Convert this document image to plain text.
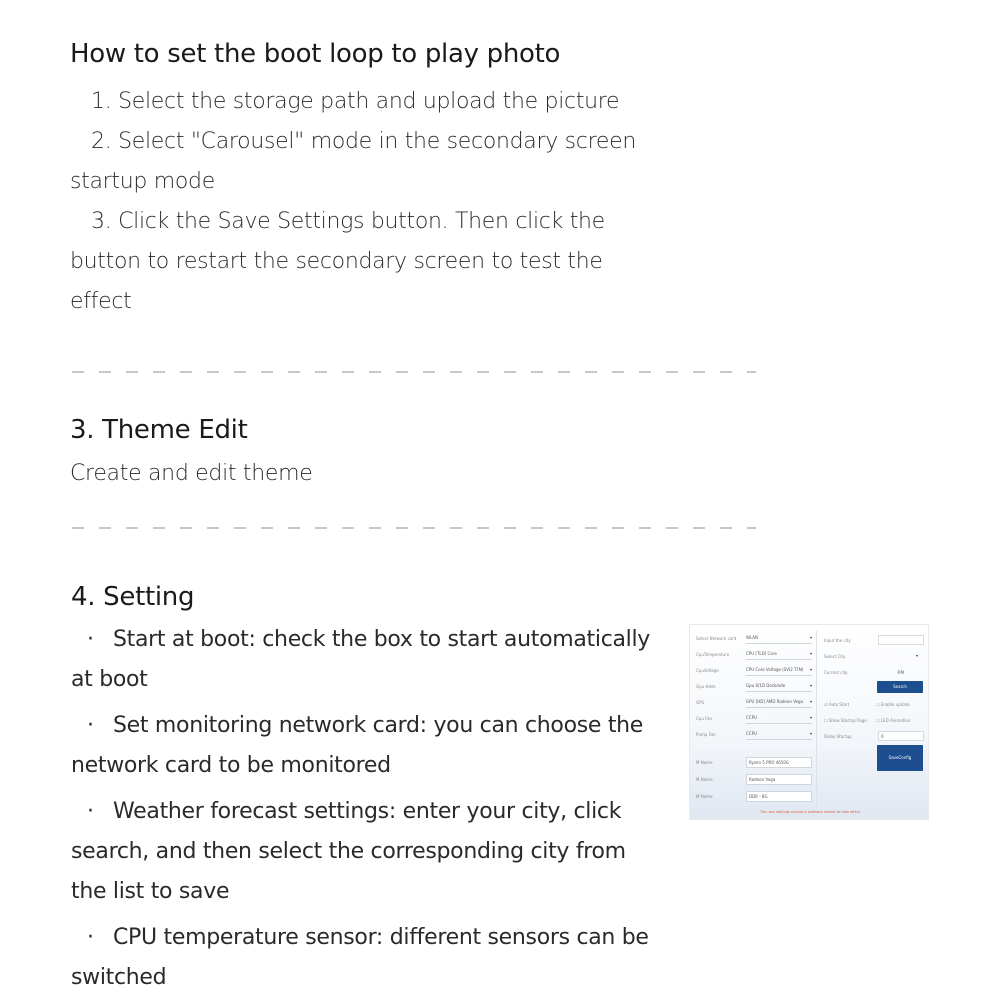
How to set the boot loop to play photo
1. Select the storage path and upload the picture
2. Select "Carousel" mode in the secondary screen
startup mode
3. Click the Save Settings button. Then click the
button to restart the secondary screen to test the
effect
3. Theme Edit
Create and edit theme
4. Setting
· Start at boot: check the box to start automatically
at boot
· Set monitoring network card: you can choose the
network card to be monitored
· Weather forecast settings: enter your city, click
search, and then select the corresponding city from
the list to save
· CPU temperature sensor: different sensors can be
switched
Select Network card	WLAN ▾
CpuTemperature	CPU [TLD] Core ▾
CpuVoltage	CPU Core Voltage (SVI2 TFN) ▾
Gpu Hdds	Gpu 0/1D Dock/ode ▾
GPU	GPU [HD] AMD Radeon Vega ▾
Cpu Fan	CCPU ▾
Pump Fan	CCPU ▾
M Name	Ryzen 5 PRO 4650G
M Name	Radeon Vega
M Name	DDR - 8G
Input the city
Select City	▾
Current city	P.M
Search
☑ Auto Start	☐ Enable update
☐ Show Startup Page ☐ LED Animation
Delay Startup	0
SaveConfig
The new settings require a software restart to take effect
